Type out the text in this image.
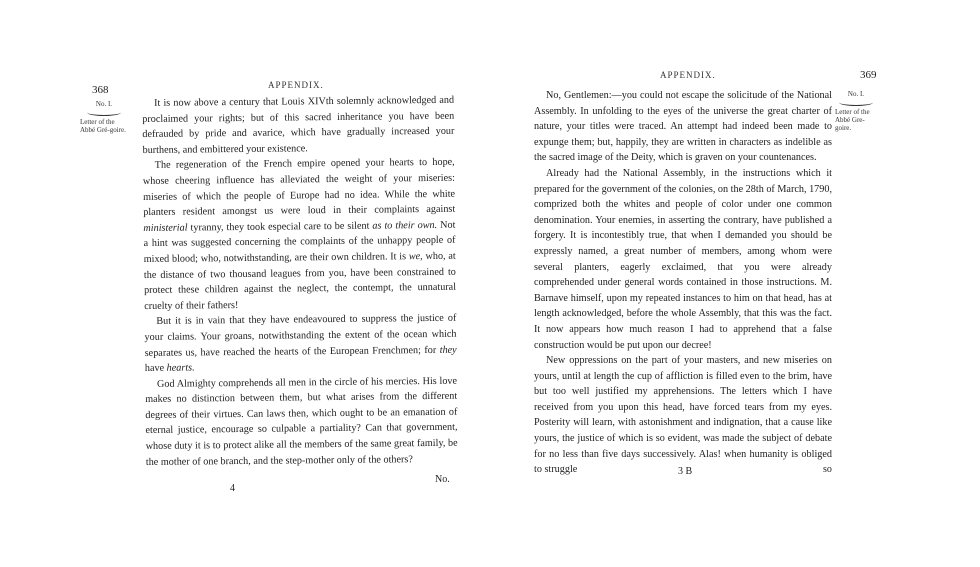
368	APPENDIX.
No. I.
Letter of the Abbé Gré-goire.

It is now above a century that Louis XIVth solemnly acknowledged and proclaimed your rights; but of this sacred inheritance you have been defrauded by pride and avarice, which have gradually increased your burthens, and embittered your existence.

The regeneration of the French empire opened your hearts to hope, whose cheering influence has alleviated the weight of your miseries: miseries of which the people of Europe had no idea. While the white planters resident amongst us were loud in their complaints against ministerial tyranny, they took especial care to be silent as to their own. Not a hint was suggested concerning the complaints of the unhappy people of mixed blood; who, notwithstanding, are their own children. It is we, who, at the distance of two thousand leagues from you, have been constrained to protect these children against the neglect, the contempt, the unnatural cruelty of their fathers!

But it is in vain that they have endeavoured to suppress the justice of your claims. Your groans, notwithstanding the extent of the ocean which separates us, have reached the hearts of the European Frenchmen; for they have hearts.

God Almighty comprehends all men in the circle of his mercies. His love makes no distinction between them, but what arises from the different degrees of their virtues. Can laws then, which ought to be an emanation of eternal justice, encourage so culpable a partiality? Can that government, whose duty it is to protect alike all the members of the same great family, be the mother of one branch, and the step-mother only of the others?

4
No.
APPENDIX.	369
No. I.
Letter of the Abbé Gre-goire.

No, Gentlemen:—you could not escape the solicitude of the National Assembly. In unfolding to the eyes of the universe the great charter of nature, your titles were traced. An attempt had indeed been made to expunge them; but, happily, they are written in characters as indelible as the sacred image of the Deity, which is graven on your countenances.

Already had the National Assembly, in the instructions which it prepared for the government of the colonies, on the 28th of March, 1790, comprized both the whites and people of color under one common denomination. Your enemies, in asserting the contrary, have published a forgery. It is incontestibly true, that when I demanded you should be expressly named, a great number of members, among whom were several planters, eagerly exclaimed, that you were already comprehended under general words contained in those instructions. M. Barnave himself, upon my repeated instances to him on that head, has at length acknowledged, before the whole Assembly, that this was the fact. It now appears how much reason I had to apprehend that a false construction would be put upon our decree!

New oppressions on the part of your masters, and new miseries on yours, until at length the cup of affliction is filled even to the brim, have but too well justified my apprehensions. The letters which I have received from you upon this head, have forced tears from my eyes. Posterity will learn, with astonishment and indignation, that a cause like yours, the justice of which is so evident, was made the subject of debate for no less than five days successively. Alas! when humanity is obliged to struggle	3 B	so
